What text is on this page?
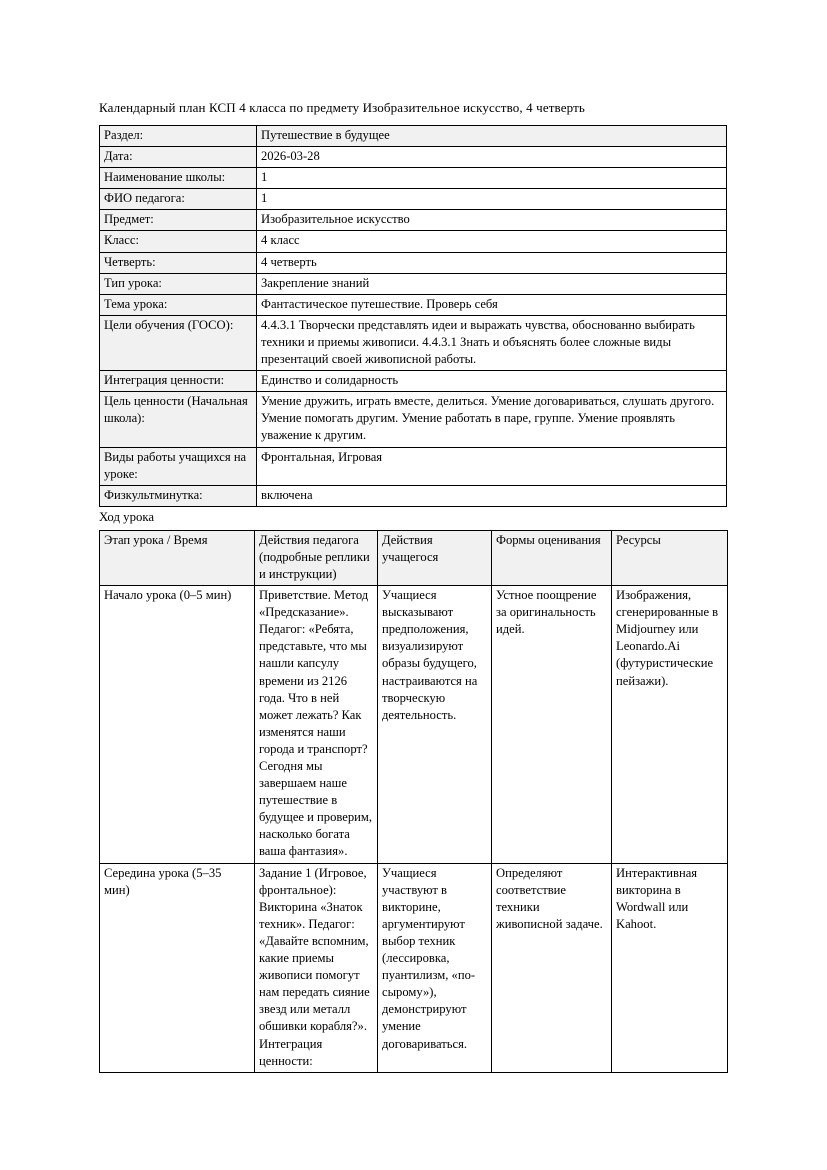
Календарный план КСП 4 класса по предмету Изобразительное искусство, 4 четверть

Раздел:	Путешествие в будущее
Дата:	2026-03-28
Наименование школы:	1
ФИО педагога:	1
Предмет:	Изобразительное искусство
Класс:	4 класс
Четверть:	4 четверть
Тип урока:	Закрепление знаний
Тема урока:	Фантастическое путешествие. Проверь себя
Цели обучения (ГОСО):	4.4.3.1 Творчески представлять идеи и выражать чувства, обоснованно выбирать техники и приемы живописи. 4.4.3.1 Знать и объяснять более сложные виды презентаций своей живописной работы.
Интеграция ценности:	Единство и солидарность
Цель ценности (Начальная школа):	Умение дружить, играть вместе, делиться. Умение договариваться, слушать другого. Умение помогать другим. Умение работать в паре, группе. Умение проявлять уважение к другим.
Виды работы учащихся на уроке:	Фронтальная, Игровая
Физкультминутка:	включена

Ход урока

Этап урока / Время	Действия педагога (подробные реплики и инструкции)	Действия учащегося	Формы оценивания	Ресурсы
Начало урока (0–5 мин)	Приветствие. Метод «Предсказание». Педагог: «Ребята, представьте, что мы нашли капсулу времени из 2126 года. Что в ней может лежать? Как изменятся наши города и транспорт? Сегодня мы завершаем наше путешествие в будущее и проверим, насколько богата ваша фантазия».	Учащиеся высказывают предположения, визуализируют образы будущего, настраиваются на творческую деятельность.	Устное поощрение за оригинальность идей.	Изображения, сгенерированные в Midjourney или Leonardo.Ai (футуристические пейзажи).
Середина урока (5–35 мин)	Задание 1 (Игровое, фронтальное): Викторина «Знаток техник». Педагог: «Давайте вспомним, какие приемы живописи помогут нам передать сияние звезд или металл обшивки корабля?». Интеграция ценности:	Учащиеся участвуют в викторине, аргументируют выбор техник (лессировка, пуантилизм, «по-сырому»), демонстрируют умение договариваться.	Определяют соответствие техники живописной задаче.	Интерактивная викторина в Wordwall или Kahoot.
